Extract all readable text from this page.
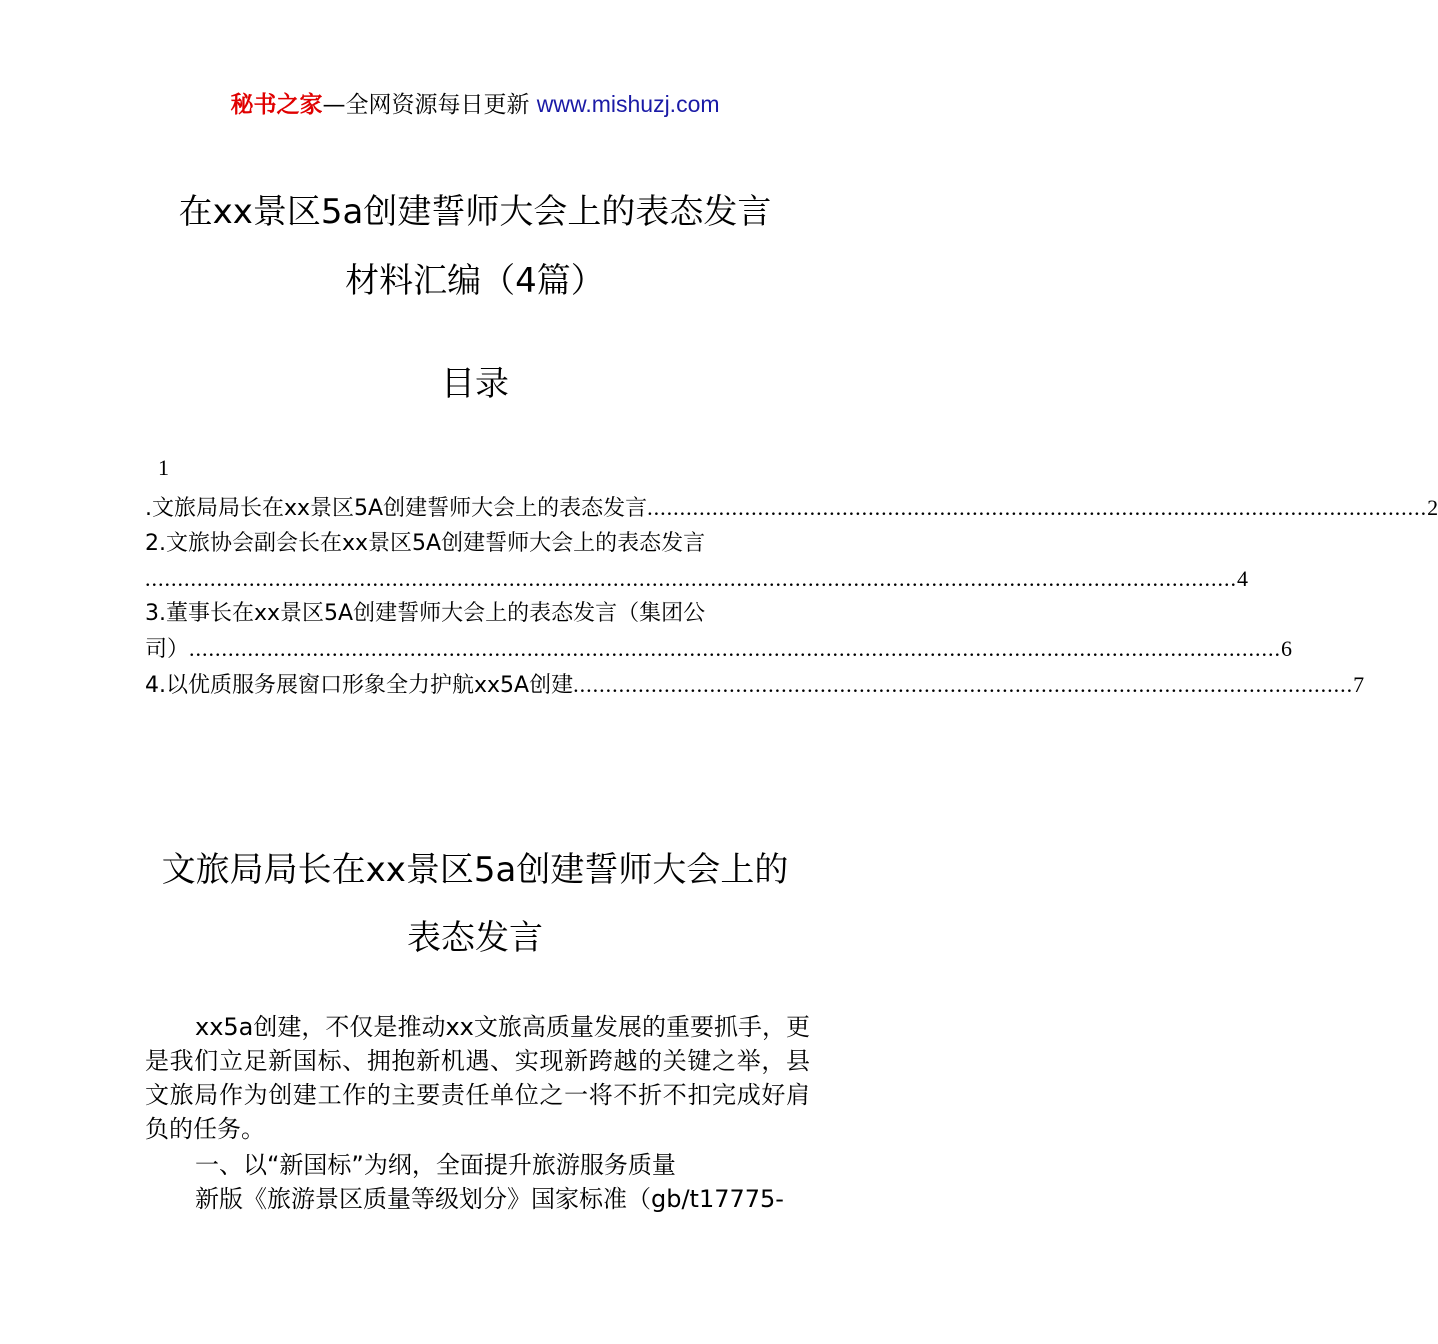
秘书之家—全网资源每日更新 www.mishuzj.com
在xx景区5a创建誓师大会上的表态发言
材料汇编（4篇）
目录
1
.文旅局局长在xx景区5A创建誓师大会上的表态发言 ........................................................................................................................ 2
2.文旅协会副会长在xx景区5A创建誓师大会上的表态发言
........................................................................................................................................................................ 4
3.董事长在xx景区5A创建誓师大会上的表态发言（集团公
司） ........................................................................................................................................................................ 6
4.以优质服务展窗口形象全力护航xx5A创建 ........................................................................................................................ 7
文旅局局长在xx景区5a创建誓师大会上的
表态发言
xx5a创建，不仅是推动xx文旅高质量发展的重要抓手，更是我们立足新国标、拥抱新机遇、实现新跨越的关键之举，县文旅局作为创建工作的主要责任单位之一将不折不扣完成好肩负的任务。
一、以“新国标”为纲，全面提升旅游服务质量
新版《旅游景区质量等级划分》国家标准（gb/t17775-
